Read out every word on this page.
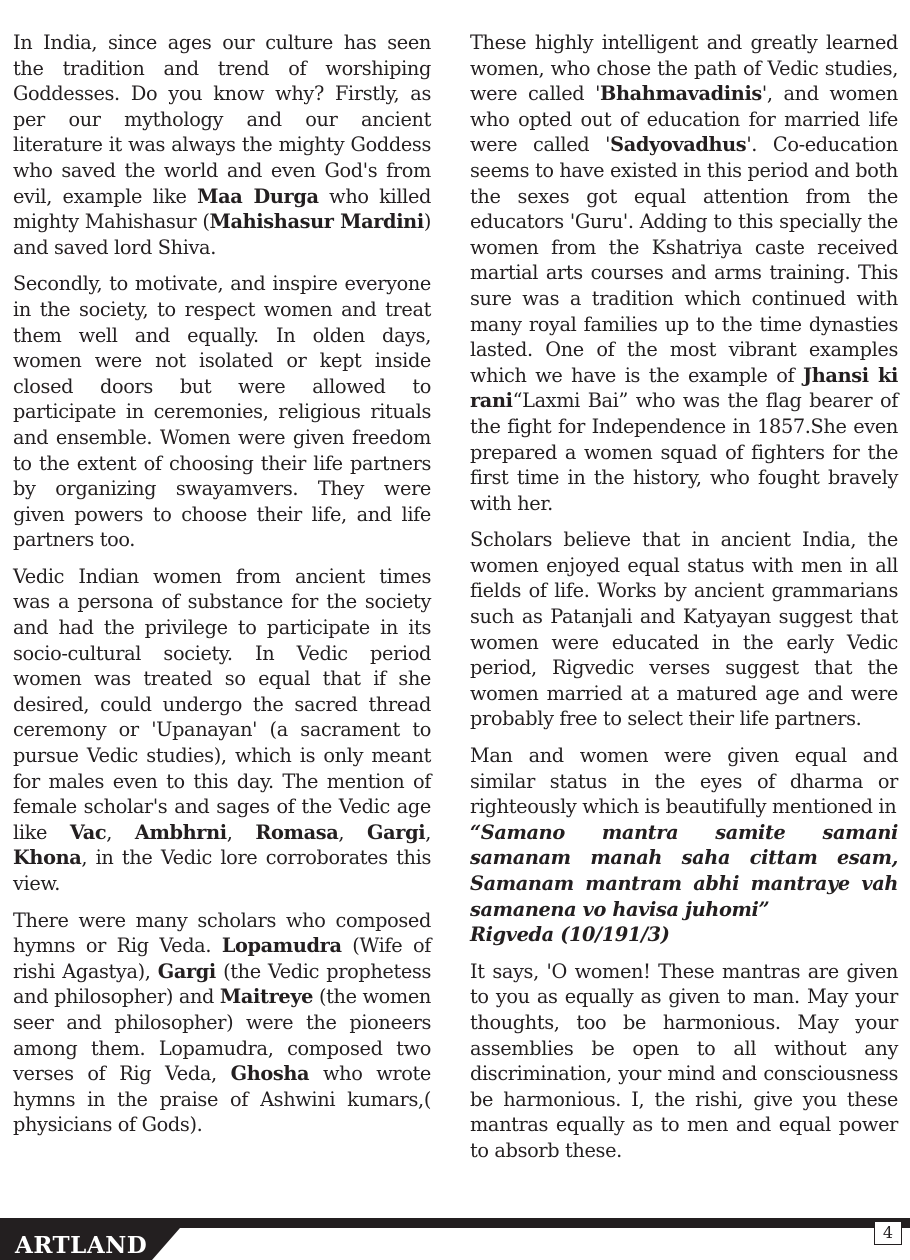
In India, since ages our culture has seen the tradition and trend of worshiping Goddesses. Do you know why? Firstly, as per our mythology and our ancient literature it was always the mighty Goddess who saved the world and even God's from evil, example like Maa Durga who killed mighty Mahishasur (Mahishasur Mardini) and saved lord Shiva.

Secondly, to motivate, and inspire everyone in the society, to respect women and treat them well and equally. In olden days, women were not isolated or kept inside closed doors but were allowed to participate in ceremonies, religious rituals and ensemble. Women were given freedom to the extent of choosing their life partners by organizing swayamvers. They were given powers to choose their life, and life partners too.

Vedic Indian women from ancient times was a persona of substance for the society and had the privilege to participate in its socio-cultural society. In Vedic period women was treated so equal that if she desired, could undergo the sacred thread ceremony or 'Upanayan' (a sacrament to pursue Vedic studies), which is only meant for males even to this day. The mention of female scholar's and sages of the Vedic age like Vac, Ambhrni, Romasa, Gargi, Khona, in the Vedic lore corroborates this view.

There were many scholars who composed hymns or Rig Veda. Lopamudra (Wife of rishi Agastya), Gargi (the Vedic prophetess and philosopher) and Maitreye (the women seer and philosopher) were the pioneers among them. Lopamudra, composed two verses of Rig Veda, Ghosha who wrote hymns in the praise of Ashwini kumars,( physicians of Gods).

These highly intelligent and greatly learned women, who chose the path of Vedic studies, were called 'Bhahmavadinis', and women who opted out of education for married life were called 'Sadyovadhus'. Co-education seems to have existed in this period and both the sexes got equal attention from the educators 'Guru'. Adding to this specially the women from the Kshatriya caste received martial arts courses and arms training. This sure was a tradition which continued with many royal families up to the time dynasties lasted. One of the most vibrant examples which we have is the example of Jhansi ki rani“Laxmi Bai” who was the flag bearer of the fight for Independence in 1857.She even prepared a women squad of fighters for the first time in the history, who fought bravely with her.

Scholars believe that in ancient India, the women enjoyed equal status with men in all fields of life. Works by ancient grammarians such as Patanjali and Katyayan suggest that women were educated in the early Vedic period, Rigvedic verses suggest that the women married at a matured age and were probably free to select their life partners.

Man and women were given equal and similar status in the eyes of dharma or righteously which is beautifully mentioned in

“Samano mantra samite samani samanam manah saha cittam esam, Samanam mantram abhi mantraye vah samanena vo havisa juhomi”
Rigveda (10/191/3)

It says, 'O women! These mantras are given to you as equally as given to man. May your thoughts, too be harmonious. May your assemblies be open to all without any discrimination, your mind and consciousness be harmonious. I, the rishi, give you these mantras equally as to men and equal power to absorb these.

ARTLAND	4
